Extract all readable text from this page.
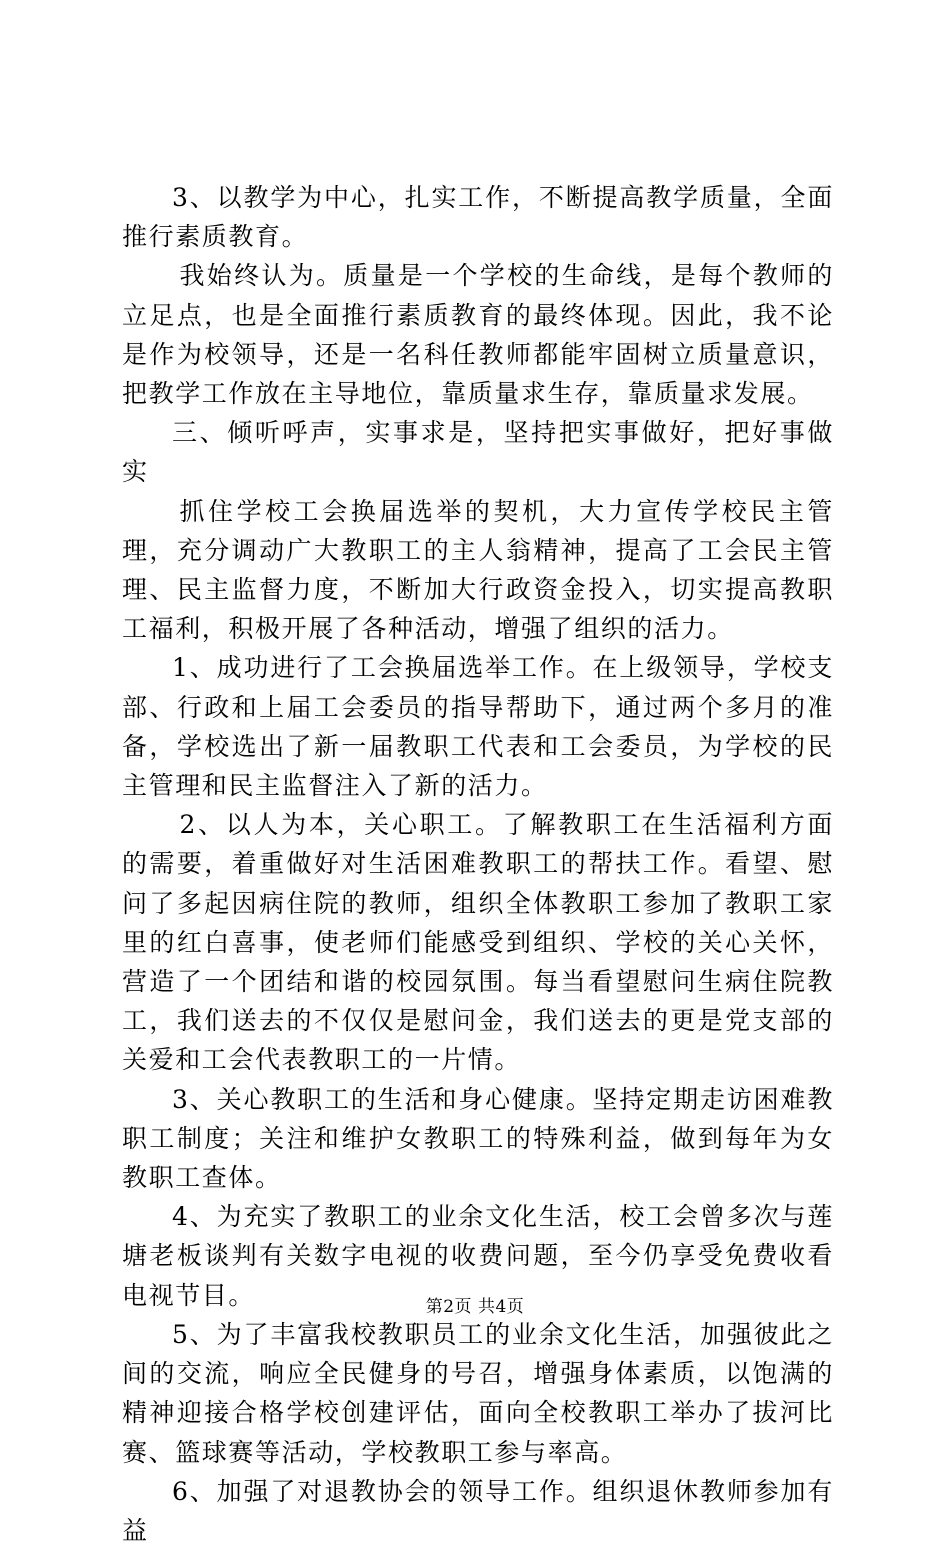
3、以教学为中心，扎实工作，不断提高教学质量，全面推行素质教育。

我始终认为。质量是一个学校的生命线，是每个教师的立足点，也是全面推行素质教育的最终体现。因此，我不论是作为校领导，还是一名科任教师都能牢固树立质量意识，把教学工作放在主导地位，靠质量求生存，靠质量求发展。

三、倾听呼声，实事求是，坚持把实事做好，把好事做实

抓住学校工会换届选举的契机，大力宣传学校民主管理，充分调动广大教职工的主人翁精神，提高了工会民主管理、民主监督力度，不断加大行政资金投入，切实提高教职工福利，积极开展了各种活动，增强了组织的活力。

1、成功进行了工会换届选举工作。在上级领导，学校支部、行政和上届工会委员的指导帮助下，通过两个多月的准备，学校选出了新一届教职工代表和工会委员，为学校的民主管理和民主监督注入了新的活力。

2、以人为本，关心职工。了解教职工在生活福利方面的需要，着重做好对生活困难教职工的帮扶工作。看望、慰问了多起因病住院的教师，组织全体教职工参加了教职工家里的红白喜事，使老师们能感受到组织、学校的关心关怀，营造了一个团结和谐的校园氛围。每当看望慰问生病住院教工，我们送去的不仅仅是慰问金，我们送去的更是党支部的关爱和工会代表教职工的一片情。

3、关心教职工的生活和身心健康。坚持定期走访困难教职工制度；关注和维护女教职工的特殊利益，做到每年为女教职工查体。

4、为充实了教职工的业余文化生活，校工会曾多次与莲塘老板谈判有关数字电视的收费问题，至今仍享受免费收看电视节目。

5、为了丰富我校教职员工的业余文化生活，加强彼此之间的交流，响应全民健身的号召，增强身体素质，以饱满的精神迎接合格学校创建评估，面向全校教职工举办了拔河比赛、篮球赛等活动，学校教职工参与率高。

6、加强了对退教协会的领导工作。组织退休教师参加有益

第2页 共4页
